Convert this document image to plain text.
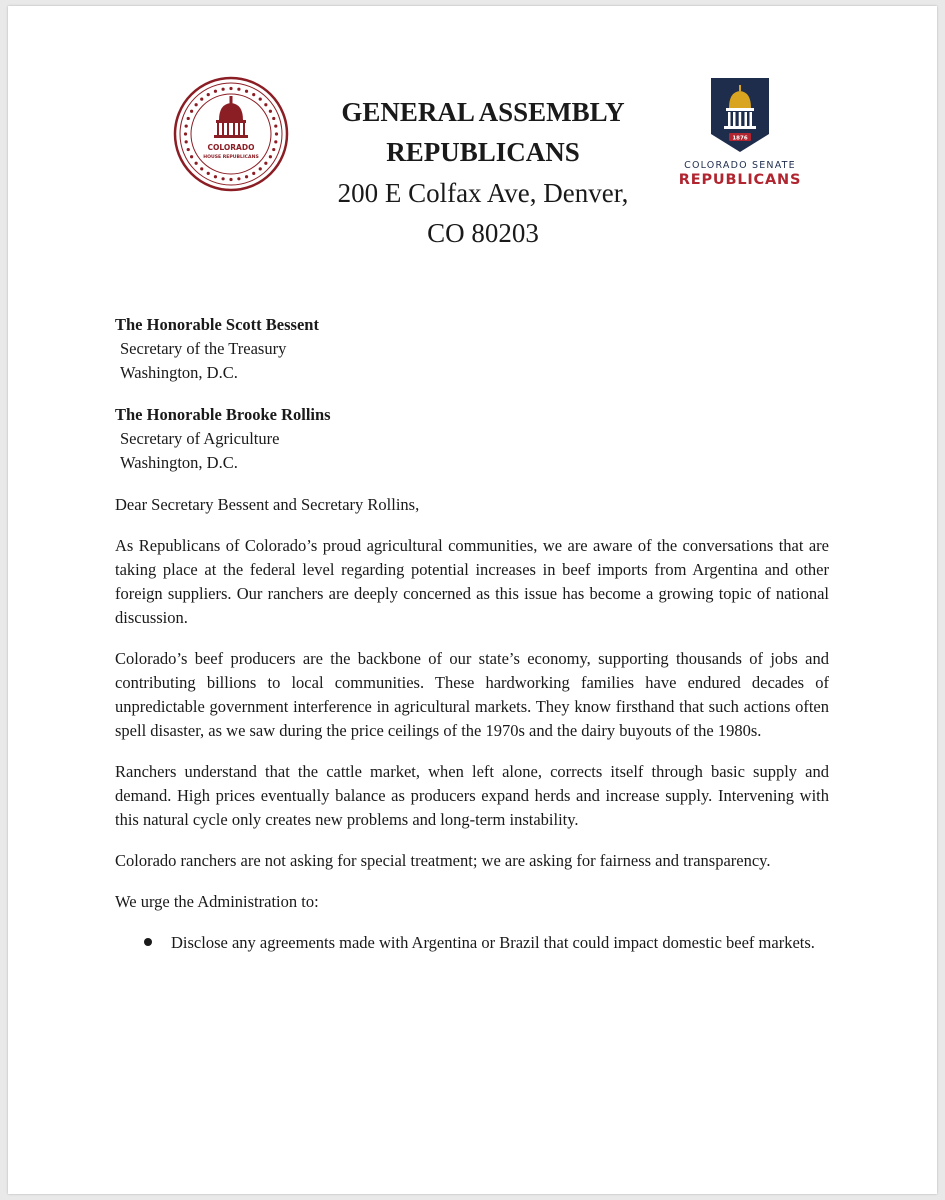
COLORADO
HOUSE REPUBLICANS
GENERAL ASSEMBLY REPUBLICANS
200 E Colfax Ave, Denver,
CO 80203
1876
COLORADO SENATE
REPUBLICANS
The Honorable Scott Bessent
Secretary of the Treasury
Washington, D.C.
The Honorable Brooke Rollins
Secretary of Agriculture
Washington, D.C.
Dear Secretary Bessent and Secretary Rollins,

As Republicans of Colorado’s proud agricultural communities, we are aware of the conversations that are taking place at the federal level regarding potential increases in beef imports from Argentina and other foreign suppliers. Our ranchers are deeply concerned as this issue has become a growing topic of national discussion.

Colorado’s beef producers are the backbone of our state’s economy, supporting thousands of jobs and contributing billions to local communities. These hardworking families have endured decades of unpredictable government interference in agricultural markets. They know firsthand that such actions often spell disaster, as we saw during the price ceilings of the 1970s and the dairy buyouts of the 1980s.

Ranchers understand that the cattle market, when left alone, corrects itself through basic supply and demand. High prices eventually balance as producers expand herds and increase supply. Intervening with this natural cycle only creates new problems and long-term instability.

Colorado ranchers are not asking for special treatment; we are asking for fairness and transparency.

We urge the Administration to:

Disclose any agreements made with Argentina or Brazil that could impact domestic beef markets.
